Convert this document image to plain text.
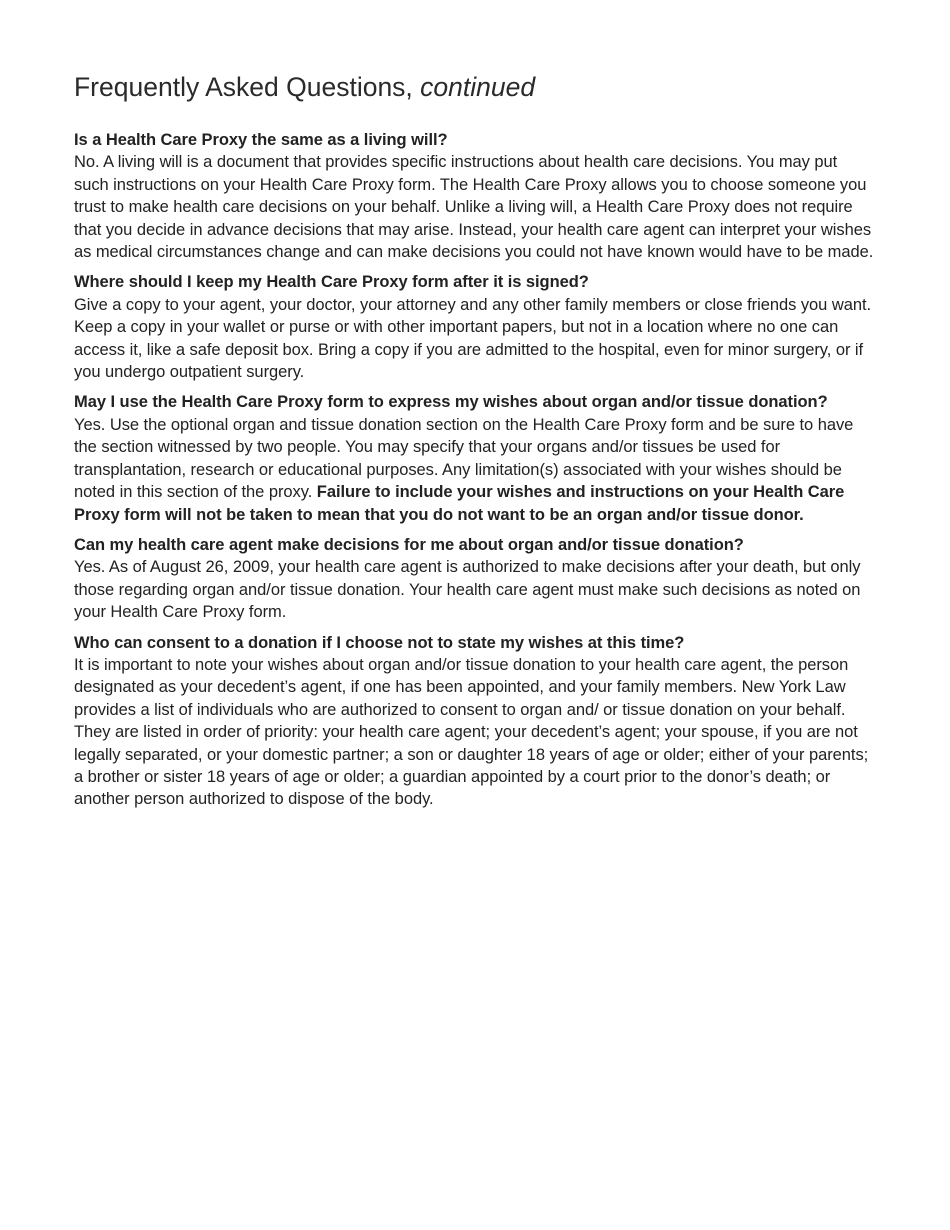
Frequently Asked Questions, continued

Is a Health Care Proxy the same as a living will?

No. A living will is a document that provides specific instructions about health care decisions. You may put such instructions on your Health Care Proxy form. The Health Care Proxy allows you to choose someone you trust to make health care decisions on your behalf. Unlike a living will, a Health Care Proxy does not require that you decide in advance decisions that may arise. Instead, your health care agent can interpret your wishes as medical circumstances change and can make decisions you could not have known would have to be made.

Where should I keep my Health Care Proxy form after it is signed?

Give a copy to your agent, your doctor, your attorney and any other family members or close friends you want. Keep a copy in your wallet or purse or with other important papers, but not in a location where no one can access it, like a safe deposit box. Bring a copy if you are admitted to the hospital, even for minor surgery, or if you undergo outpatient surgery.

May I use the Health Care Proxy form to express my wishes about organ and/or tissue donation?

Yes. Use the optional organ and tissue donation section on the Health Care Proxy form and be sure to have the section witnessed by two people. You may specify that your organs and/or tissues be used for transplantation, research or educational purposes. Any limitation(s) associated with your wishes should be noted in this section of the proxy. Failure to include your wishes and instructions on your Health Care Proxy form will not be taken to mean that you do not want to be an organ and/or tissue donor.

Can my health care agent make decisions for me about organ and/or tissue donation?

Yes. As of August 26, 2009, your health care agent is authorized to make decisions after your death, but only those regarding organ and/or tissue donation. Your health care agent must make such decisions as noted on your Health Care Proxy form.

Who can consent to a donation if I choose not to state my wishes at this time?

It is important to note your wishes about organ and/or tissue donation to your health care agent, the person designated as your decedent’s agent, if one has been appointed, and your family members. New York Law provides a list of individuals who are authorized to consent to organ and/ or tissue donation on your behalf. They are listed in order of priority: your health care agent; your decedent’s agent; your spouse, if you are not legally separated, or your domestic partner; a son or daughter 18 years of age or older; either of your parents; a brother or sister 18 years of age or older; a guardian appointed by a court prior to the donor’s death; or another person authorized to dispose of the body.
